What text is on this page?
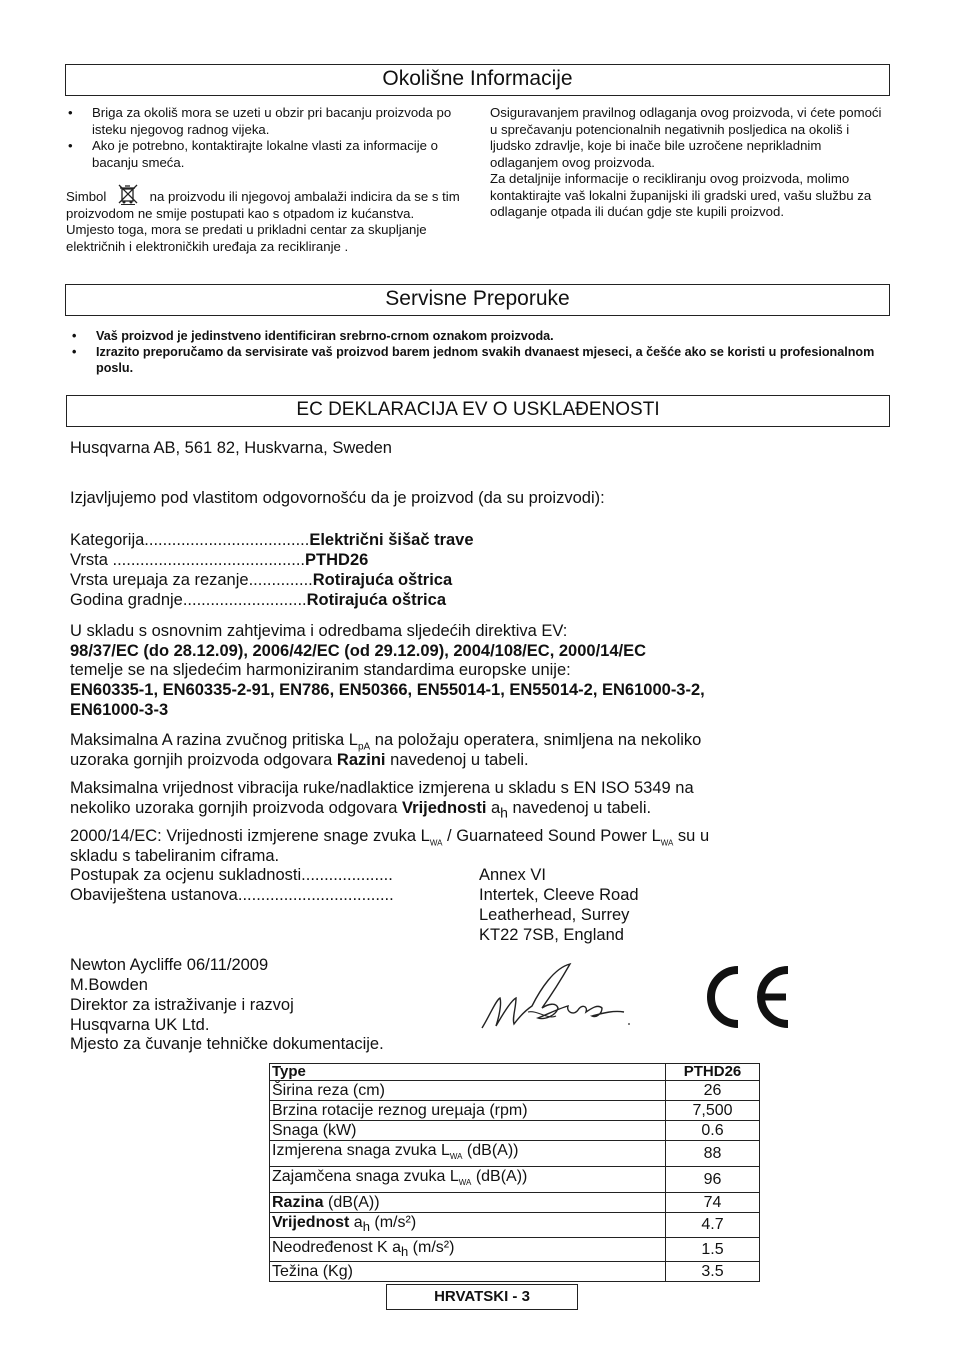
Okolišne Informacije
• Briga za okoliš mora se uzeti u obzir pri bacanju proizvoda po isteku njegovog radnog vijeka.
• Ako je potrebno, kontaktirajte lokalne vlasti za informacije o bacanju smeća.
Simbol	na proizvodu ili njegovoj ambalaži indicira da se s tim proizvodom ne smije postupati kao s otpadom iz kućanstva. Umjesto toga, mora se predati u prikladni centar za skupljanje električnih i elektroničkih uređaja za recikliranje .
Osiguravanjem pravilnog odlaganja ovog proizvoda, vi ćete pomoći u sprečavanju potencionalnih negativnih posljedica na okoliš i ljudsko zdravlje, koje bi inače bile uzročene neprikladnim odlaganjem ovog proizvoda.
Za detaljnije informacije o recikliranju ovog proizvoda, molimo kontaktirajte vaš lokalni županijski ili gradski ured, vašu službu za odlaganje otpada ili dućan gdje ste kupili proizvod.
Servisne Preporuke
• Vaš proizvod je jedinstveno identificiran srebrno-crnom oznakom proizvoda.
• Izrazito preporučamo da servisirate vaš proizvod barem jednom svakih dvanaest mjeseci, a češće ako se koristi u profesionalnom poslu.
EC DEKLARACIJA EV O USKLAĐENOSTI
Husqvarna AB, 561 82, Huskvarna, Sweden
Izjavljujemo pod vlastitom odgovornošću da je proizvod (da su proizvodi):
Kategorija....................................Električni šišač trave
Vrsta ..........................................PTHD26
Vrsta urеµaja za rezanje..............Rotirajuća oštrica
Godina gradnje...........................Rotirajuća oštrica
U skladu s osnovnim zahtjevima i odredbama sljedećih direktiva EV:
98/37/EC (do 28.12.09), 2006/42/EC (od 29.12.09), 2004/108/EC, 2000/14/EC
temelje se na sljedećim harmoniziranim standardima europske unije:
EN60335-1, EN60335-2-91, EN786, EN50366, EN55014-1, EN55014-2, EN61000-3-2,
EN61000-3-3
Maksimalna A razina zvučnog pritiska $L_{pA}$ na položaju operatera, snimljena na nekoliko
uzoraka gornjih proizvoda odgovara Razini navedenoj u tabeli.
Maksimalna vrijednost vibracija ruke/nadlaktice izmjerena u skladu s EN ISO 5349 na
nekoliko uzoraka gornjih proizvoda odgovara Vrijednosti $a_h$ navedenoj u tabeli.
2000/14/EC: Vrijednosti izmjerene snage zvuka $L_{WA}$ / Guarnateed Sound Power $L_{WA}$ su u
skladu s tabeliranim ciframa.
Postupak za ocjenu sukladnosti....................	Annex VI
Obaviještena ustanova..................................	Intertek, Cleeve Road
Leatherhead, Surrey
KT22 7SB, England
Newton Aycliffe 06/11/2009
M.Bowden
Direktor za istraživanje i razvoj
Husqvarna UK Ltd.
Mjesto za čuvanje tehničke dokumentacije.
Type	PTHD26
Širina reza (cm)	26
Brzina rotacije reznog urеµaja (rpm)	7,500
Snaga (kW)	0.6
Izmjerena snaga zvuka $L_{WA}$ (dB(A))	88
Zajamčena snaga zvuka $L_{WA}$ (dB(A))	96
Razina (dB(A))	74
Vrijednost $a_h$ (m/s²)	4.7
Neodređenost K $a_h$ (m/s²)	1.5
Težina (Kg)	3.5
HRVATSKI - 3
